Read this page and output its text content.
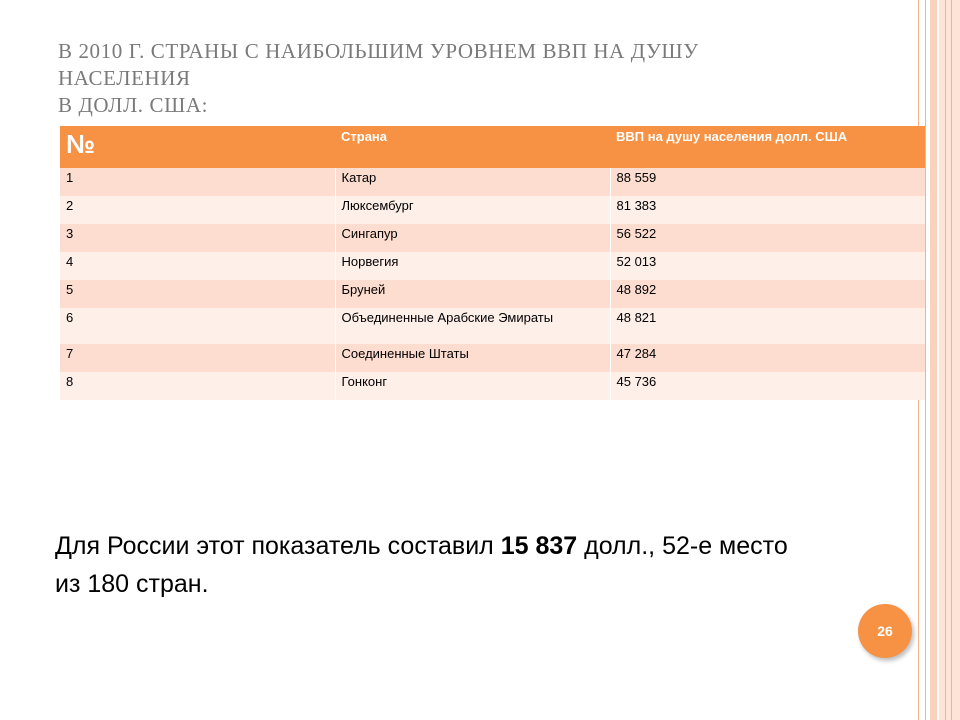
В 2010 Г. СТРАНЫ С НАИБОЛЬШИМ УРОВНЕМ ВВП НА ДУШУ
НАСЕЛЕНИЯ
В ДОЛЛ. США:
№	Страна	ВВП на душу населения долл. США
1	Катар	88 559
2	Люксембург	81 383
3	Сингапур	56 522
4	Норвегия	52 013
5	Бруней	48 892
6	Объединенные Арабские Эмираты	48 821
7	Соединенные Штаты	47 284
8	Гонконг	45 736
Для России этот показатель составил 15 837 долл., 52-е место из 180 стран.
26
